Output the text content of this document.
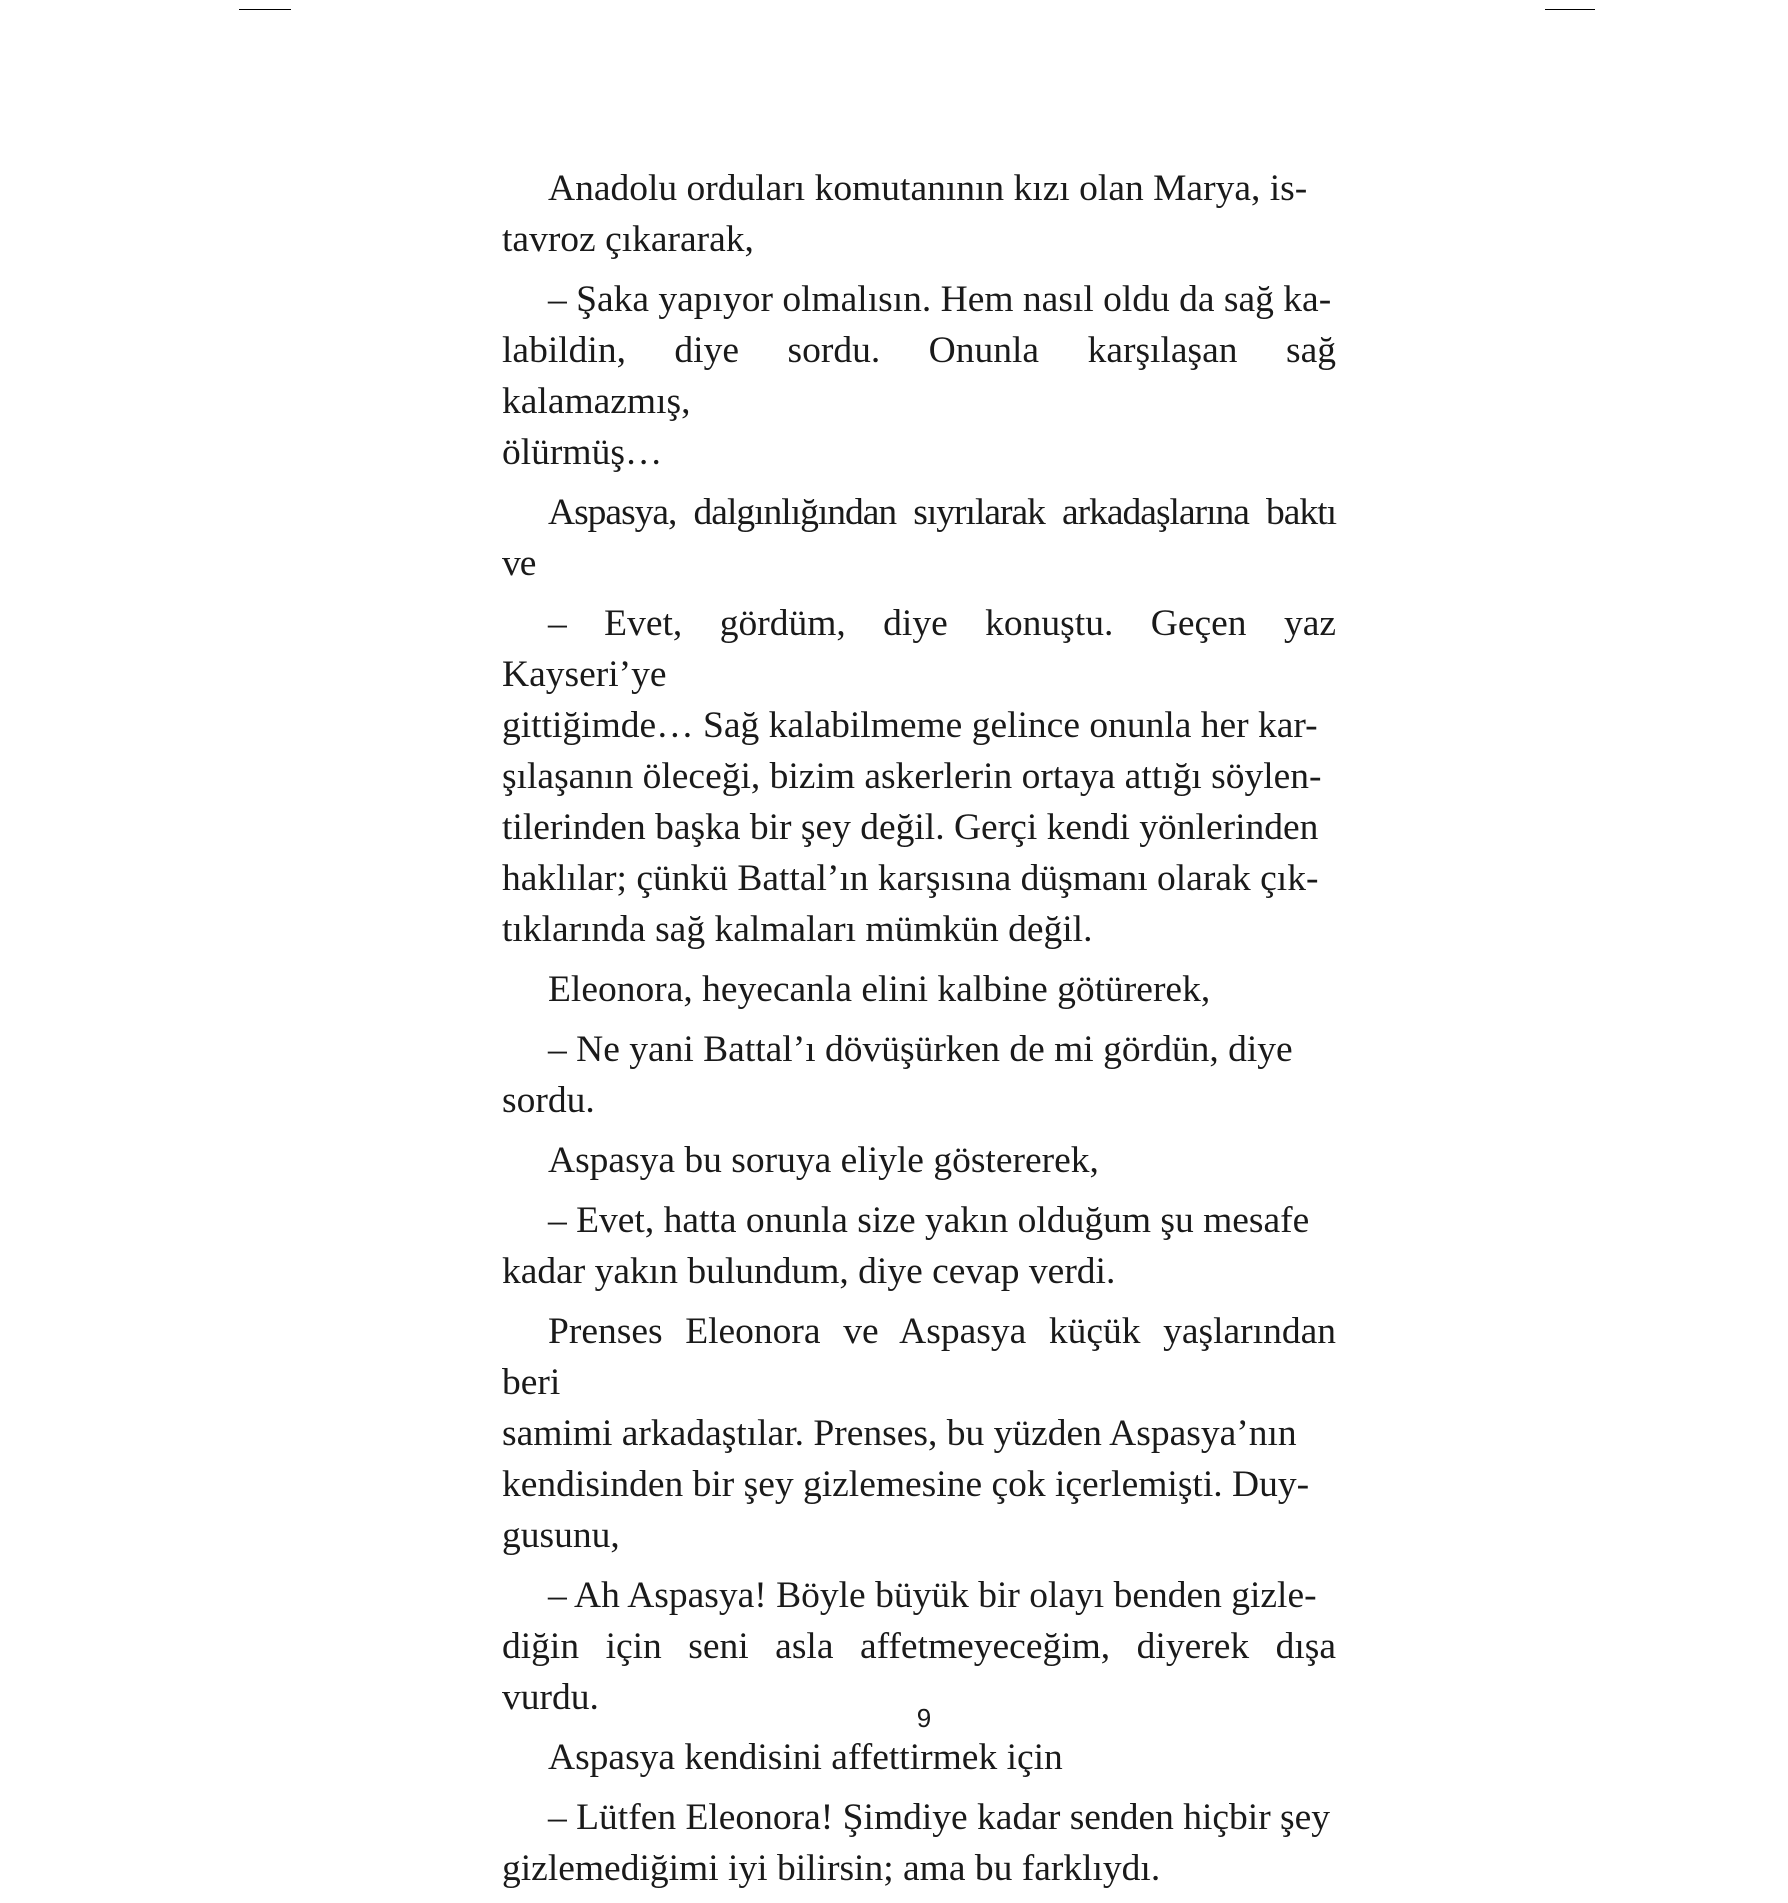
Anadolu orduları komutanının kızı olan Marya, is-
tavroz çıkararak,

– Şaka yapıyor olmalısın. Hem nasıl oldu da sağ ka-
labildin, diye sordu. Onunla karşılaşan sağ kalamazmış,
ölürmüş…

Aspasya, dalgınlığından sıyrılarak arkadaşlarına baktı ve

– Evet, gördüm, diye konuştu. Geçen yaz Kayseri’ye
gittiğimde… Sağ kalabilmeme gelince onunla her kar-
şılaşanın öleceği, bizim askerlerin ortaya attığı söylen-
tilerinden başka bir şey değil. Gerçi kendi yönlerinden
haklılar; çünkü Battal’ın karşısına düşmanı olarak çık-
tıklarında sağ kalmaları mümkün değil.

Eleonora, heyecanla elini kalbine götürerek,

– Ne yani Battal’ı dövüşürken de mi gördün, diye
sordu.

Aspasya bu soruya eliyle göstererek,

– Evet, hatta onunla size yakın olduğum şu mesafe
kadar yakın bulundum, diye cevap verdi.

Prenses Eleonora ve Aspasya küçük yaşlarından beri
samimi arkadaştılar. Prenses, bu yüzden Aspasya’nın
kendisinden bir şey gizlemesine çok içerlemişti. Duy-
gusunu,

– Ah Aspasya! Böyle büyük bir olayı benden gizle-
diğin için seni asla affetmeyeceğim, diyerek dışa vurdu.

Aspasya kendisini affettirmek için

– Lütfen Eleonora! Şimdiye kadar senden hiçbir şey
gizlemediğimi iyi bilirsin; ama bu farklıydı.

9
